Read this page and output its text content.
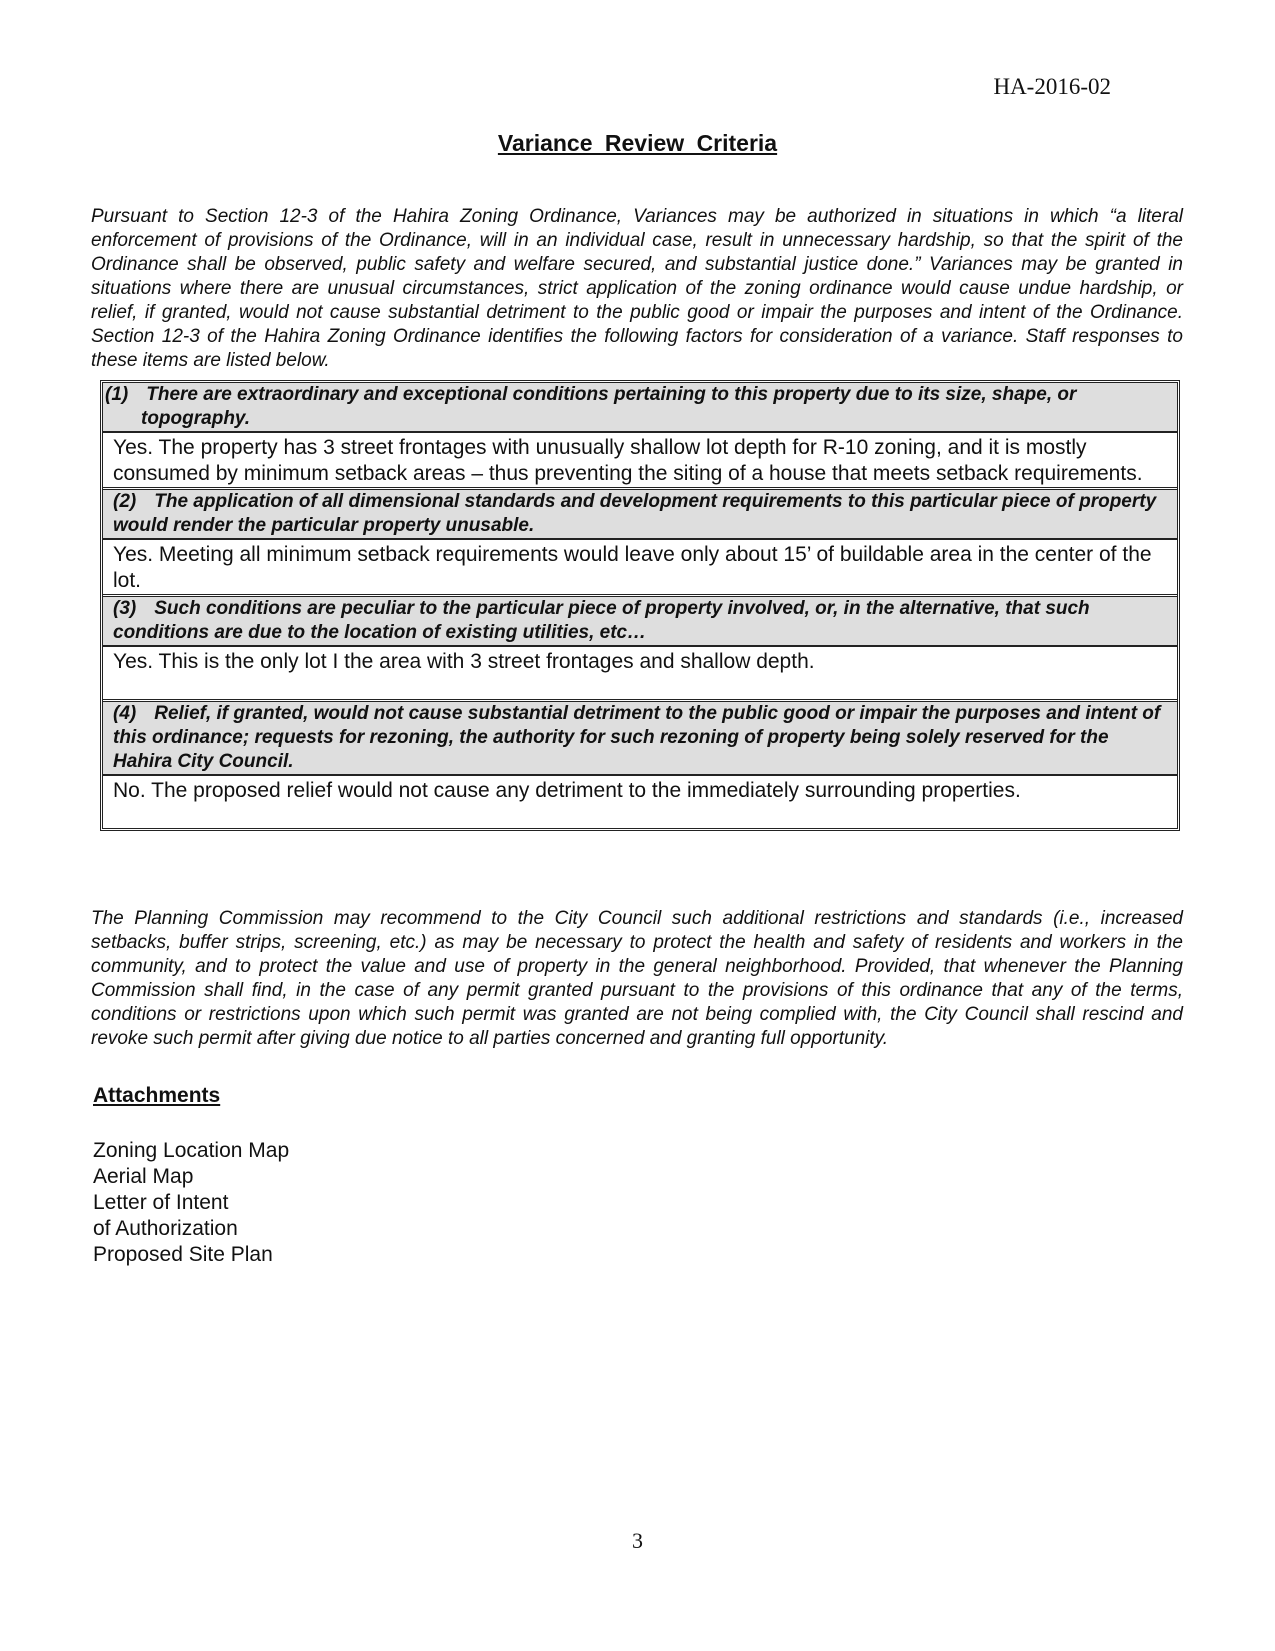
HA-2016-02
Variance Review Criteria

Pursuant to Section 12-3 of the Hahira Zoning Ordinance, Variances may be authorized in situations in which “a literal enforcement of provisions of the Ordinance, will in an individual case, result in unnecessary hardship, so that the spirit of the Ordinance shall be observed, public safety and welfare secured, and substantial justice done.” Variances may be granted in situations where there are unusual circumstances, strict application of the zoning ordinance would cause undue hardship, or relief, if granted, would not cause substantial detriment to the public good or impair the purposes and intent of the Ordinance. Section 12-3 of the Hahira Zoning Ordinance identifies the following factors for consideration of a variance. Staff responses to these items are listed below.

(1) There are extraordinary and exceptional conditions pertaining to this property due to its size, shape, or
topography.
Yes. The property has 3 street frontages with unusually shallow lot depth for R-10 zoning, and it is mostly consumed by minimum setback areas – thus preventing the siting of a house that meets setback requirements.
(2) The application of all dimensional standards and development requirements to this particular piece of property would render the particular property unusable.
Yes. Meeting all minimum setback requirements would leave only about 15’ of buildable area in the center of the lot.
(3) Such conditions are peculiar to the particular piece of property involved, or, in the alternative, that such conditions are due to the location of existing utilities, etc…
Yes. This is the only lot I the area with 3 street frontages and shallow depth.
(4) Relief, if granted, would not cause substantial detriment to the public good or impair the purposes and intent of this ordinance; requests for rezoning, the authority for such rezoning of property being solely reserved for the Hahira City Council.
No. The proposed relief would not cause any detriment to the immediately surrounding properties.

The Planning Commission may recommend to the City Council such additional restrictions and standards (i.e., increased setbacks, buffer strips, screening, etc.) as may be necessary to protect the health and safety of residents and workers in the community, and to protect the value and use of property in the general neighborhood. Provided, that whenever the Planning Commission shall find, in the case of any permit granted pursuant to the provisions of this ordinance that any of the terms, conditions or restrictions upon which such permit was granted are not being complied with, the City Council shall rescind and revoke such permit after giving due notice to all parties concerned and granting full opportunity.

Attachments
Zoning Location Map
Aerial Map
Letter of Intent
of Authorization
Proposed Site Plan
3
